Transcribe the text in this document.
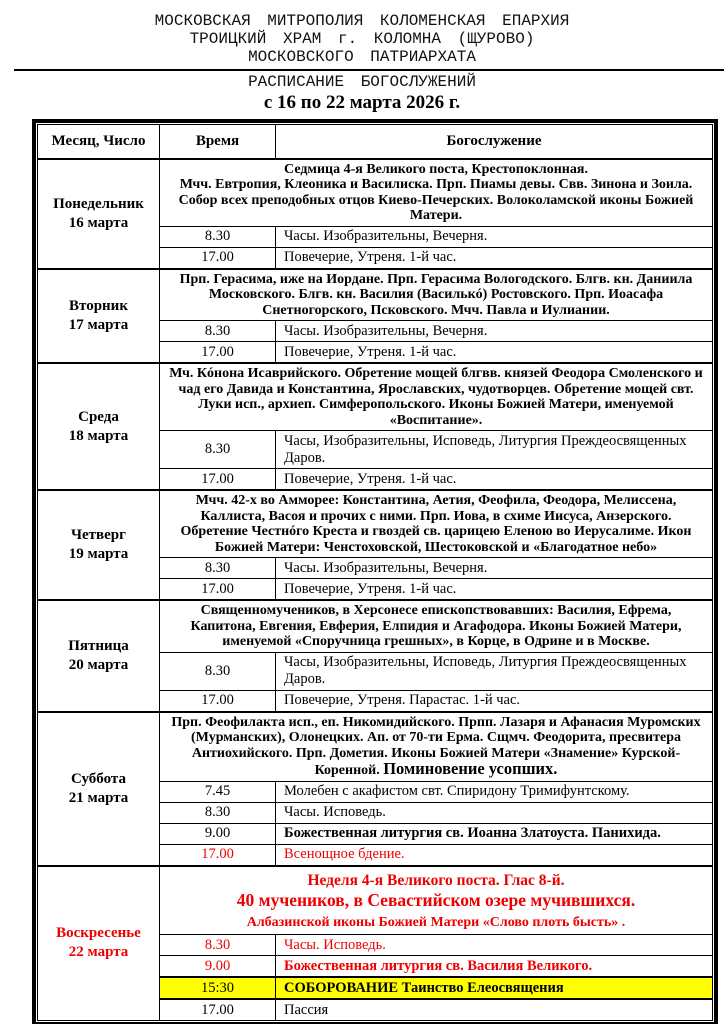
МОСКОВСКАЯ МИТРОПОЛИЯ КОЛОМЕНСКАЯ ЕПАРХИЯ
ТРОИЦКИЙ ХРАМ г. КОЛОМНА (ЩУРОВО)
МОСКОВСКОГО ПАТРИАРХАТА
РАСПИСАНИЕ БОГОСЛУЖЕНИЙ
с 16 по 22 марта 2026 г.
Месяц, Число	Время	Богослужение

Понедельник
16 марта

Седмица 4-я Великого поста, Крестопоклонная.

Мчч. Евтропия, Клеоника и Василиска. Прп. Пиамы девы. Свв. Зинона и Зоила. Собор всех преподобных отцов Киево-Печерских. Волоколамской иконы Божией Матери.

	8.30	Часы. Изобразительны, Вечерня.
	17.00	Повечерие, Утреня. 1-й час.

Вторник
17 марта	Прп. Герасима, иже на Иордане. Прп. Герасима Вологодского. Блгв. кн. Даниила Московского. Блгв. кн. Василия (Василькó) Ростовского. Прп. Иоасафа Снетногорского, Псковского. Мчч. Павла и Иулиании.	

	8.30	Часы. Изобразительны, Вечерня.
	17.00	Повечерие, Утреня. 1-й час.

Среда
18 марта	Мч. Кóнона Исаврийского. Обретение мощей блгвв. князей Феодора Смоленского и чад его Давида и Константина, Ярославских, чудотворцев. Обретение мощей свт. Луки исп., архиеп. Симферопольского. Иконы Божией Матери, именуемой «Воспитание».	

	8.30	Часы, Изобразительны, Исповедь, Литургия Преждеосвященных Даров.
	17.00	Повечерие, Утреня. 1-й час.

Четверг
19 марта	Мчч. 42-х во Амморее: Константина, Аетия, Феофила, Феодора, Мелиссена, Каллиста, Васоя и прочих с ними. Прп. Иова, в схиме Иисуса, Анзерского. Обретение Честнóго Креста и гвоздей св. царицею Еленою во Иерусалиме. Икон Божией Матери: Ченстоховской, Шестоковской и «Благодатное небо»	

	8.30	Часы. Изобразительны, Вечерня.
	17.00	Повечерие, Утреня. 1-й час.

Пятница
20 марта	Священномучеников, в Херсонесе епископствовавших: Василия, Ефрема, Капитона, Евгения, Евферия, Елпидия и Агафодора. Иконы Божией Матери, именуемой «Споручница грешных», в Корце, в Одрине и в Москве.	

	8.30	Часы, Изобразительны, Исповедь, Литургия Преждеосвященных Даров.
	17.00	Повечерие, Утреня. Парастас. 1-й час.

Суббота
21 марта	Прп. Феофилакта исп., еп. Никомидийского. Прпп. Лазаря и Афанасия Муромских (Мурманских), Олонецких. Ап. от 70-ти Ерма. Сщмч. Феодорита, пресвитера Антиохийского. Прп. Дометия. Иконы Божией Матери «Знамение» Курской-Коренной. Поминовение усопших.	

	7.45	Молебен с акафистом свт. Спиридону Тримифунтскому.
	8.30	Часы. Исповедь.
	9.00	Божественная литургия св. Иоанна Златоуста. Панихида.
	17.00	Всенощное бдение.

Воскресенье
22 марта

Неделя 4-я Великого поста. Глас 8-й.

40 мучеников, в Севастийском озере мучившихся.

Албазинской иконы Божией Матери «Слово плоть бысть» .

	8.30	Часы. Исповедь.
	9.00	Божественная литургия св. Василия Великого.
	15:30	СОБОРОВАНИЕ Таинство Елеосвящения
	17.00	Пассия
